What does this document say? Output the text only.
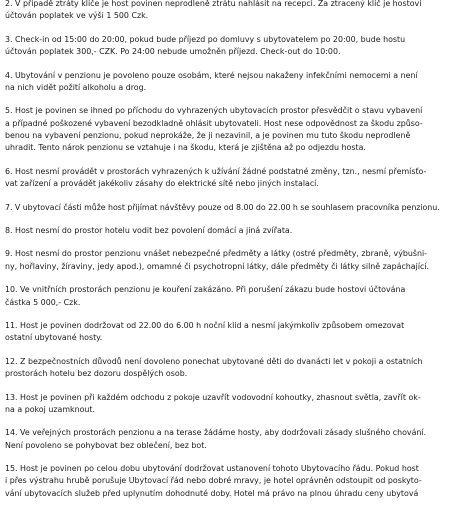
2. V případě ztráty klíče je host povinen neprodleně ztrátu nahlásit na recepci. Za ztracený klíč je hostovi
účtován poplatek ve výši 1 500 Czk.
3. Check-in od 15:00 do 20:00, pokud bude příjezd po domluvy s ubytovatelem po 20:00, bude hostu
účtován poplatek 300,- CZK. Po 24:00 nebude umožněn příjezd. Check-out do 10:00.
4. Ubytování v penzionu je povoleno pouze osobám, které nejsou nakaženy infekčními nemocemi a není
na nich vidět požití alkoholu a drog.
5. Host je povinen se ihned po příchodu do vyhrazených ubytovacích prostor přesvědčit o stavu vybavení
a případné poškozené vybavení bezodkladně ohlásit ubytovateli. Host nese odpovědnost za škodu způso-
benou na vybavení penzionu, pokud neprokáže, že ji nezavinil, a je povinen mu tuto škodu neprodleně
uhradit. Tento nárok penzionu se vztahuje i na škodu, která je zjištěna až po odjezdu hosta.
6. Host nesmí provádět v prostorách vyhrazených k užívání žádné podstatné změny, tzn., nesmí přemísťo-
vat zařízení a provádět jakékoliv zásahy do elektrické sítě nebo jiných instalací.
7. V ubytovací části může host přijímat návštěvy pouze od 8.00 do 22.00 h se souhlasem pracovníka penzionu.
8. Host nesmí do prostor hotelu vodit bez povolení domácí a jiná zvířata.
9. Host nesmí do prostor penzionu vnášet nebezpečné předměty a látky (ostré předměty, zbraně, výbušni-
ny, hořlaviny, žíraviny, jedy apod.), omamné či psychotropní látky, dále předměty či látky silně zapáchající.
10. Ve vnitřních prostorách penzionu je kouření zakázáno. Při porušení zákazu bude hostovi účtována
částka 5 000,- Czk.
11. Host je povinen dodržovat od 22.00 do 6.00 h noční klid a nesmí jakýmkoliv způsobem omezovat
ostatní ubytované hosty.
12. Z bezpečnostních důvodů není dovoleno ponechat ubytované děti do dvanácti let v pokoji a ostatních
prostorách hotelu bez dozoru dospělých osob.
13. Host je povinen při každém odchodu z pokoje uzavřít vodovodní kohoutky, zhasnout světla, zavřít ok-
na a pokoj uzamknout.
14. Ve veřejných prostorách penzionu a na terase žádáme hosty, aby dodržovali zásady slušného chování.
Není povoleno se pohybovat bez oblečení, bez bot.
15. Host je povinen po celou dobu ubytování dodržovat ustanovení tohoto Ubytovacího řádu. Pokud host
i přes výstrahu hrubě porušuje Ubytovací řád nebo dobré mravy, je hotel oprávněn odstoupit od poskyto-
vání ubytovacích služeb před uplynutím dohodnuté doby. Hotel má právo na plnou úhradu ceny ubytová
